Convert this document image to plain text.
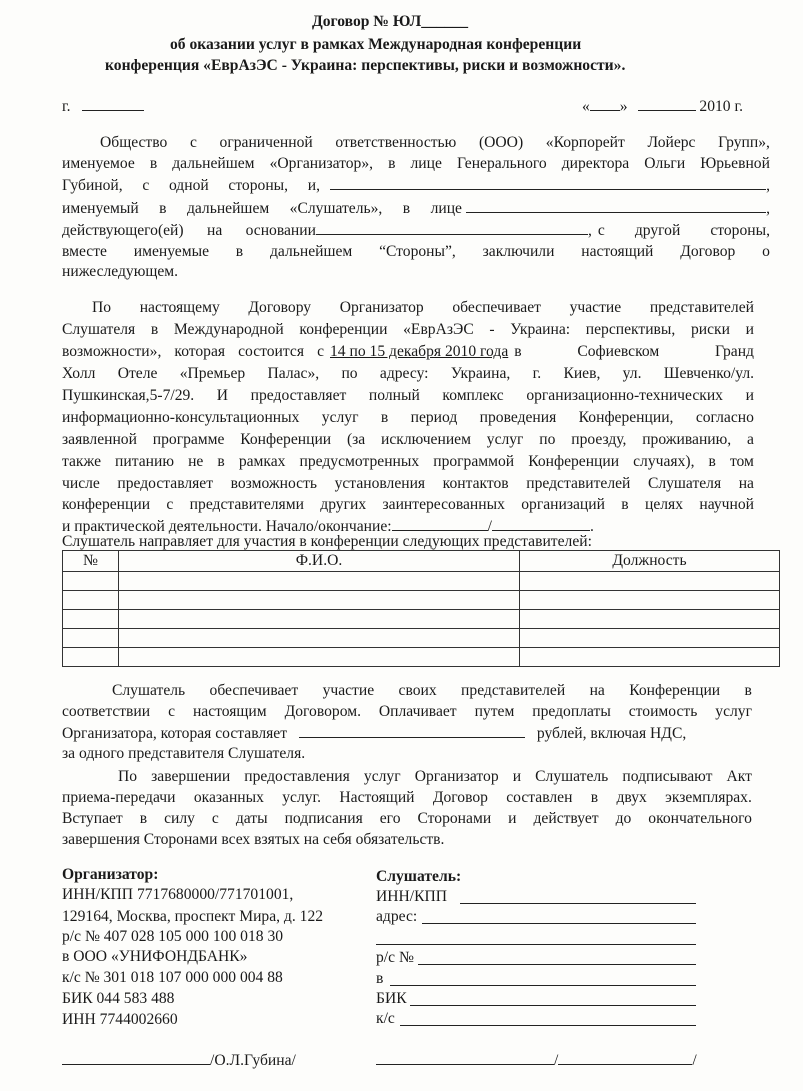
Договор № ЮЛ______
об оказании услуг в рамках Международная конференции
конференция «ЕврАзЭС - Украина: перспективы, риски и возможности».
г.	« »	2010 г.
Общество с ограниченной ответственностью (ООО) «Корпорейт Лойерс Групп»,
именуемое в дальнейшем «Организатор», в лице Генерального директора Ольги Юрьевной
Губиной, с одной стороны, и,	,
именуемый в дальнейшем «Слушатель», в лице	,
действующего(ей) на основании	, с другой стороны,
вместе именуемые в дальнейшем “Стороны”, заключили настоящий Договор о
нижеследующем.
По настоящему Договору Организатор обеспечивает участие представителей
Слушателя в Международной конференции «ЕврАзЭС - Украина: перспективы, риски и
возможности», которая состоится с 14 по 15 декабря 2010 года в	Софиевском	Гранд
Холл Отеле «Премьер Палас», по адресу: Украина, г. Киев, ул. Шевченко/ул.
Пушкинская,5-7/29. И предоставляет полный комплекс организационно-технических и
информационно-консультационных услуг в период проведения Конференции, согласно
заявленной программе Конференции (за исключением услуг по проезду, проживанию, а
также питанию не в рамках предусмотренных программой Конференции случаях), в том
числе предоставляет возможность установления контактов представителей Слушателя на
конференции с представителями других заинтересованных организаций в целях научной
и практической деятельности. Начало/окончание:	/	.
Слушатель направляет для участия в конференции следующих представителей:
№	Ф.И.О.	Должность

Слушатель обеспечивает участие своих представителей на Конференции в
соответствии с настоящим Договором. Оплачивает путем предоплаты стоимость услуг
Организатора, которая составляет	рублей, включая НДС,
за одного представителя Слушателя.
По завершении предоставления услуг Организатор и Слушатель подписывают Акт
приема-передачи оказанных услуг. Настоящий Договор составлен в двух экземплярах.
Вступает в силу с даты подписания его Сторонами и действует до окончательного
завершения Сторонами всех взятых на себя обязательств.
Организатор:
ИНН/КПП 7717680000/771701001,
129164, Москва, проспект Мира, д. 122
р/с № 407 028 105 000 100 018 30
в ООО «УНИФОНДБАНК»
к/с № 301 018 107 000 000 004 88
БИК 044 583 488
ИНН 7744002660
/О.Л.Губина/
Слушатель:
ИНН/КПП
адрес:
р/с №
в
БИК
к/с
/	/
